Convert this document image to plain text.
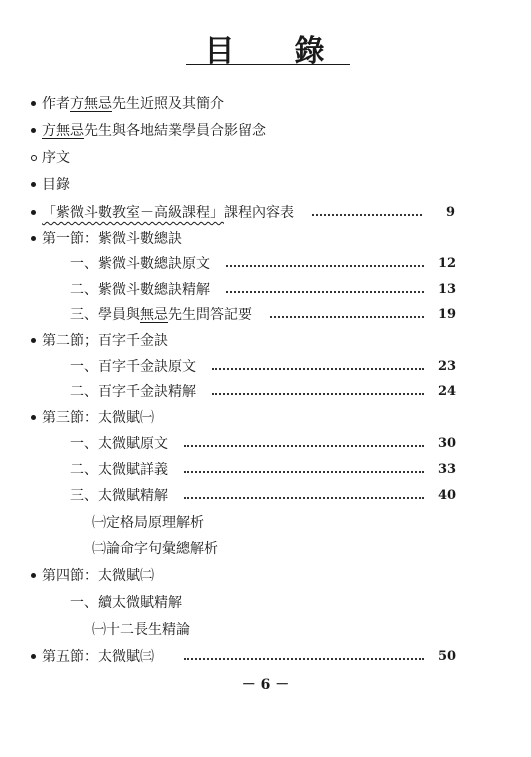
目 錄
作者方無忌先生近照及其簡介
方無忌先生與各地結業學員合影留念
序文
目錄
「紫微斗數教室－高級課程」課程內容表	9
第一節：紫微斗數總訣
一、紫微斗數總訣原文	12
二、紫微斗數總訣精解	13
三、學員與無忌先生問答記要	19
第二節；百字千金訣
一、百字千金訣原文	23
二、百字千金訣精解	24
第三節：太微賦㈠
一、太微賦原文	30
二、太微賦詳義	33
三、太微賦精解	40
㈠定格局原理解析
㈡論命字句彙總解析
第四節：太微賦㈡
一、續太微賦精解
㈠十二長生精論
第五節：太微賦㈢	50
－ 6 －
